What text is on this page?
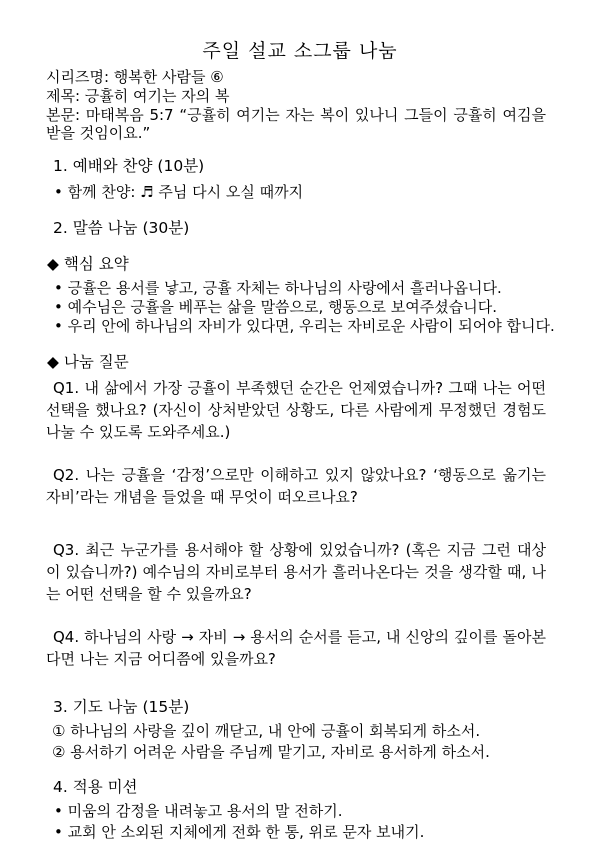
주일 설교 소그룹 나눔
시리즈명: 행복한 사람들 ⑥
제목: 긍휼히 여기는 자의 복
본문: 마태복음 5:7 “긍휼히 여기는 자는 복이 있나니 그들이 긍휼히 여김을 받을 것임이요.”
1. 예배와 찬양 (10분)
• 함께 찬양: ♬ 주님 다시 오실 때까지
2. 말씀 나눔 (30분)
◆ 핵심 요약
• 긍휼은 용서를 낳고, 긍휼 자체는 하나님의 사랑에서 흘러나옵니다.
• 예수님은 긍휼을 베푸는 삶을 말씀으로, 행동으로 보여주셨습니다.
• 우리 안에 하나님의 자비가 있다면, 우리는 자비로운 사람이 되어야 합니다.
◆ 나눔 질문
Q1. 내 삶에서 가장 긍휼이 부족했던 순간은 언제였습니까? 그때 나는 어떤 선택을 했나요? (자신이 상처받았던 상황도, 다른 사람에게 무정했던 경험도 나눌 수 있도록 도와주세요.)
Q2. 나는 긍휼을 ‘감정’으로만 이해하고 있지 않았나요? ‘행동으로 옮기는 자비’라는 개념을 들었을 때 무엇이 떠오르나요?
Q3. 최근 누군가를 용서해야 할 상황에 있었습니까? (혹은 지금 그런 대상이 있습니까?) 예수님의 자비로부터 용서가 흘러나온다는 것을 생각할 때, 나는 어떤 선택을 할 수 있을까요?
Q4. 하나님의 사랑 → 자비 → 용서의 순서를 듣고, 내 신앙의 깊이를 돌아본다면 나는 지금 어디쯤에 있을까요?
3. 기도 나눔 (15분)
① 하나님의 사랑을 깊이 깨닫고, 내 안에 긍휼이 회복되게 하소서.
② 용서하기 어려운 사람을 주님께 맡기고, 자비로 용서하게 하소서.
4. 적용 미션
• 미움의 감정을 내려놓고 용서의 말 전하기.
• 교회 안 소외된 지체에게 전화 한 통, 위로 문자 보내기.
